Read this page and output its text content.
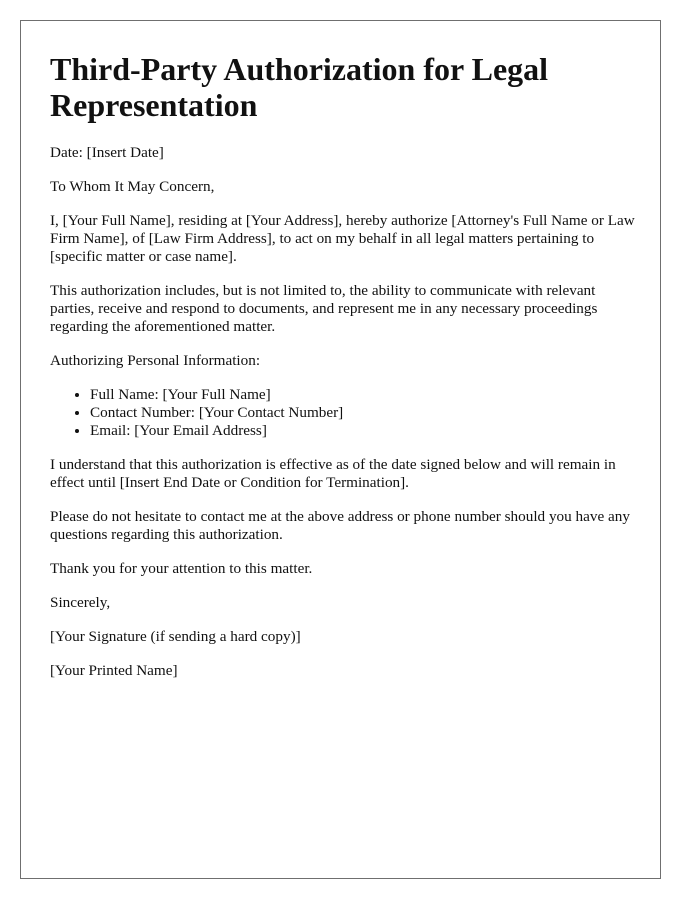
Third-Party Authorization for Legal Representation

Date: [Insert Date]

To Whom It May Concern,

I, [Your Full Name], residing at [Your Address], hereby authorize [Attorney's Full Name or Law Firm Name], of [Law Firm Address], to act on my behalf in all legal matters pertaining to [specific matter or case name].

This authorization includes, but is not limited to, the ability to communicate with relevant parties, receive and respond to documents, and represent me in any necessary proceedings regarding the aforementioned matter.

Authorizing Personal Information:

• Full Name: [Your Full Name]
• Contact Number: [Your Contact Number]
• Email: [Your Email Address]

I understand that this authorization is effective as of the date signed below and will remain in effect until [Insert End Date or Condition for Termination].

Please do not hesitate to contact me at the above address or phone number should you have any questions regarding this authorization.

Thank you for your attention to this matter.

Sincerely,

[Your Signature (if sending a hard copy)]

[Your Printed Name]
